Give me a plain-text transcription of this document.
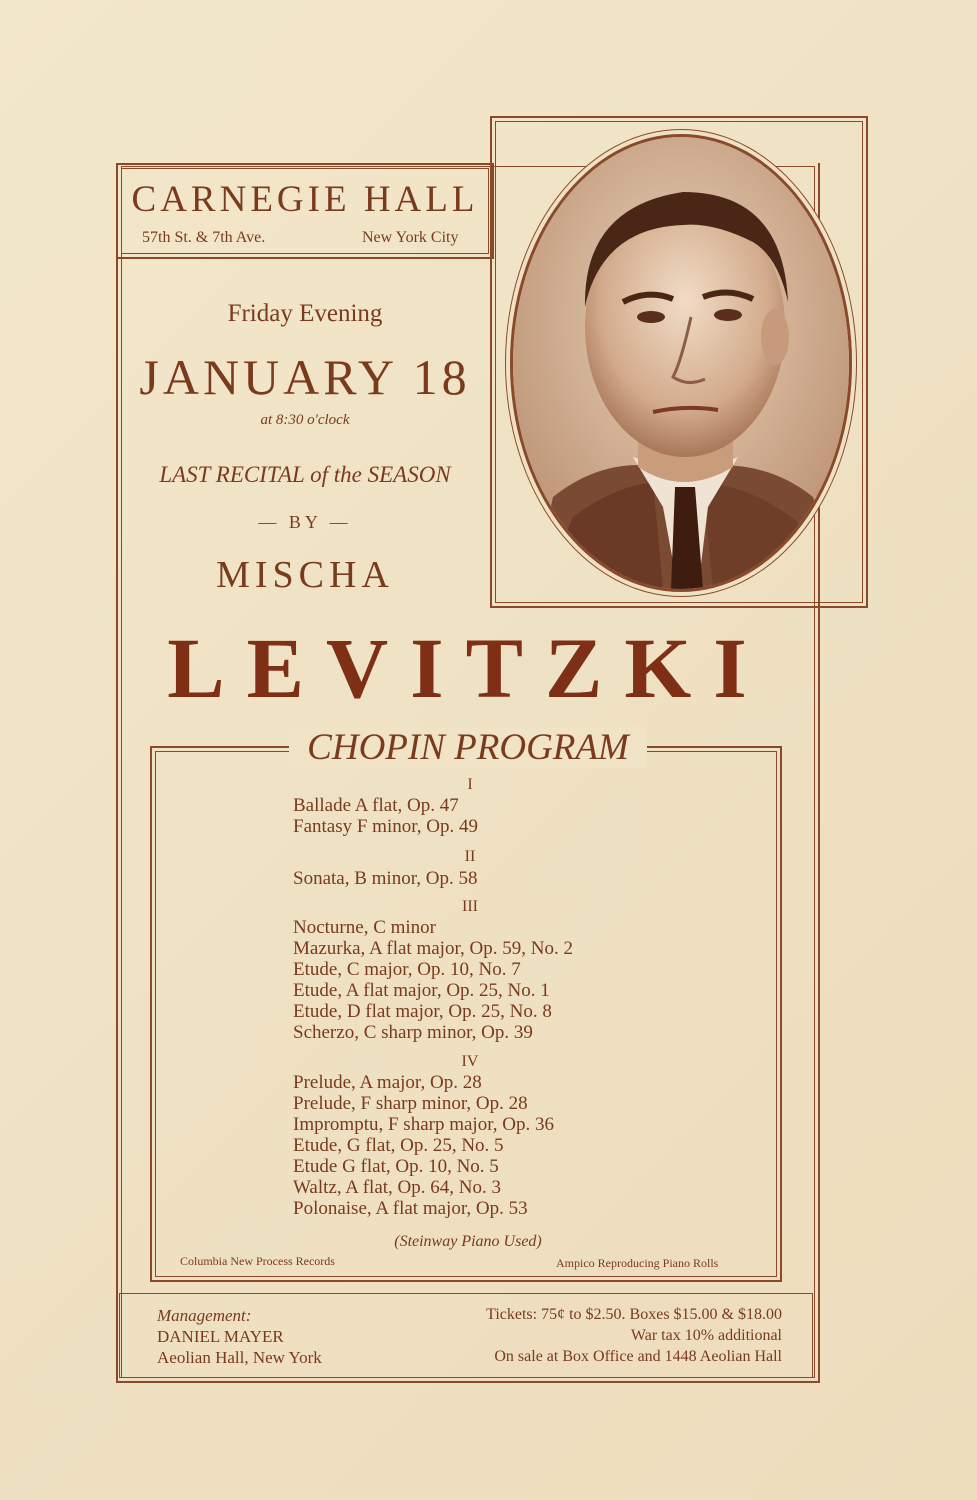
CARNEGIE HALL
57th St. & 7th Ave.	New York City
Friday Evening
JANUARY 18
at 8:30 o'clock
LAST RECITAL of the SEASON
— BY —
MISCHA
LEVITZKI
CHOPIN PROGRAM
I
Ballade A flat, Op. 47
Fantasy F minor, Op. 49
II
Sonata, B minor, Op. 58
III
Nocturne, C minor
Mazurka, A flat major, Op. 59, No. 2
Etude, C major, Op. 10, No. 7
Etude, A flat major, Op. 25, No. 1
Etude, D flat major, Op. 25, No. 8
Scherzo, C sharp minor, Op. 39
IV
Prelude, A major, Op. 28
Prelude, F sharp minor, Op. 28
Impromptu, F sharp major, Op. 36
Etude, G flat, Op. 25, No. 5
Etude G flat, Op. 10, No. 5
Waltz, A flat, Op. 64, No. 3
Polonaise, A flat major, Op. 53
(Steinway Piano Used)
Columbia New Process Records	Ampico Reproducing Piano Rolls
Management:
DANIEL MAYER
Aeolian Hall, New York
Tickets: 75¢ to $2.50. Boxes $15.00 & $18.00
War tax 10% additional
On sale at Box Office and 1448 Aeolian Hall
